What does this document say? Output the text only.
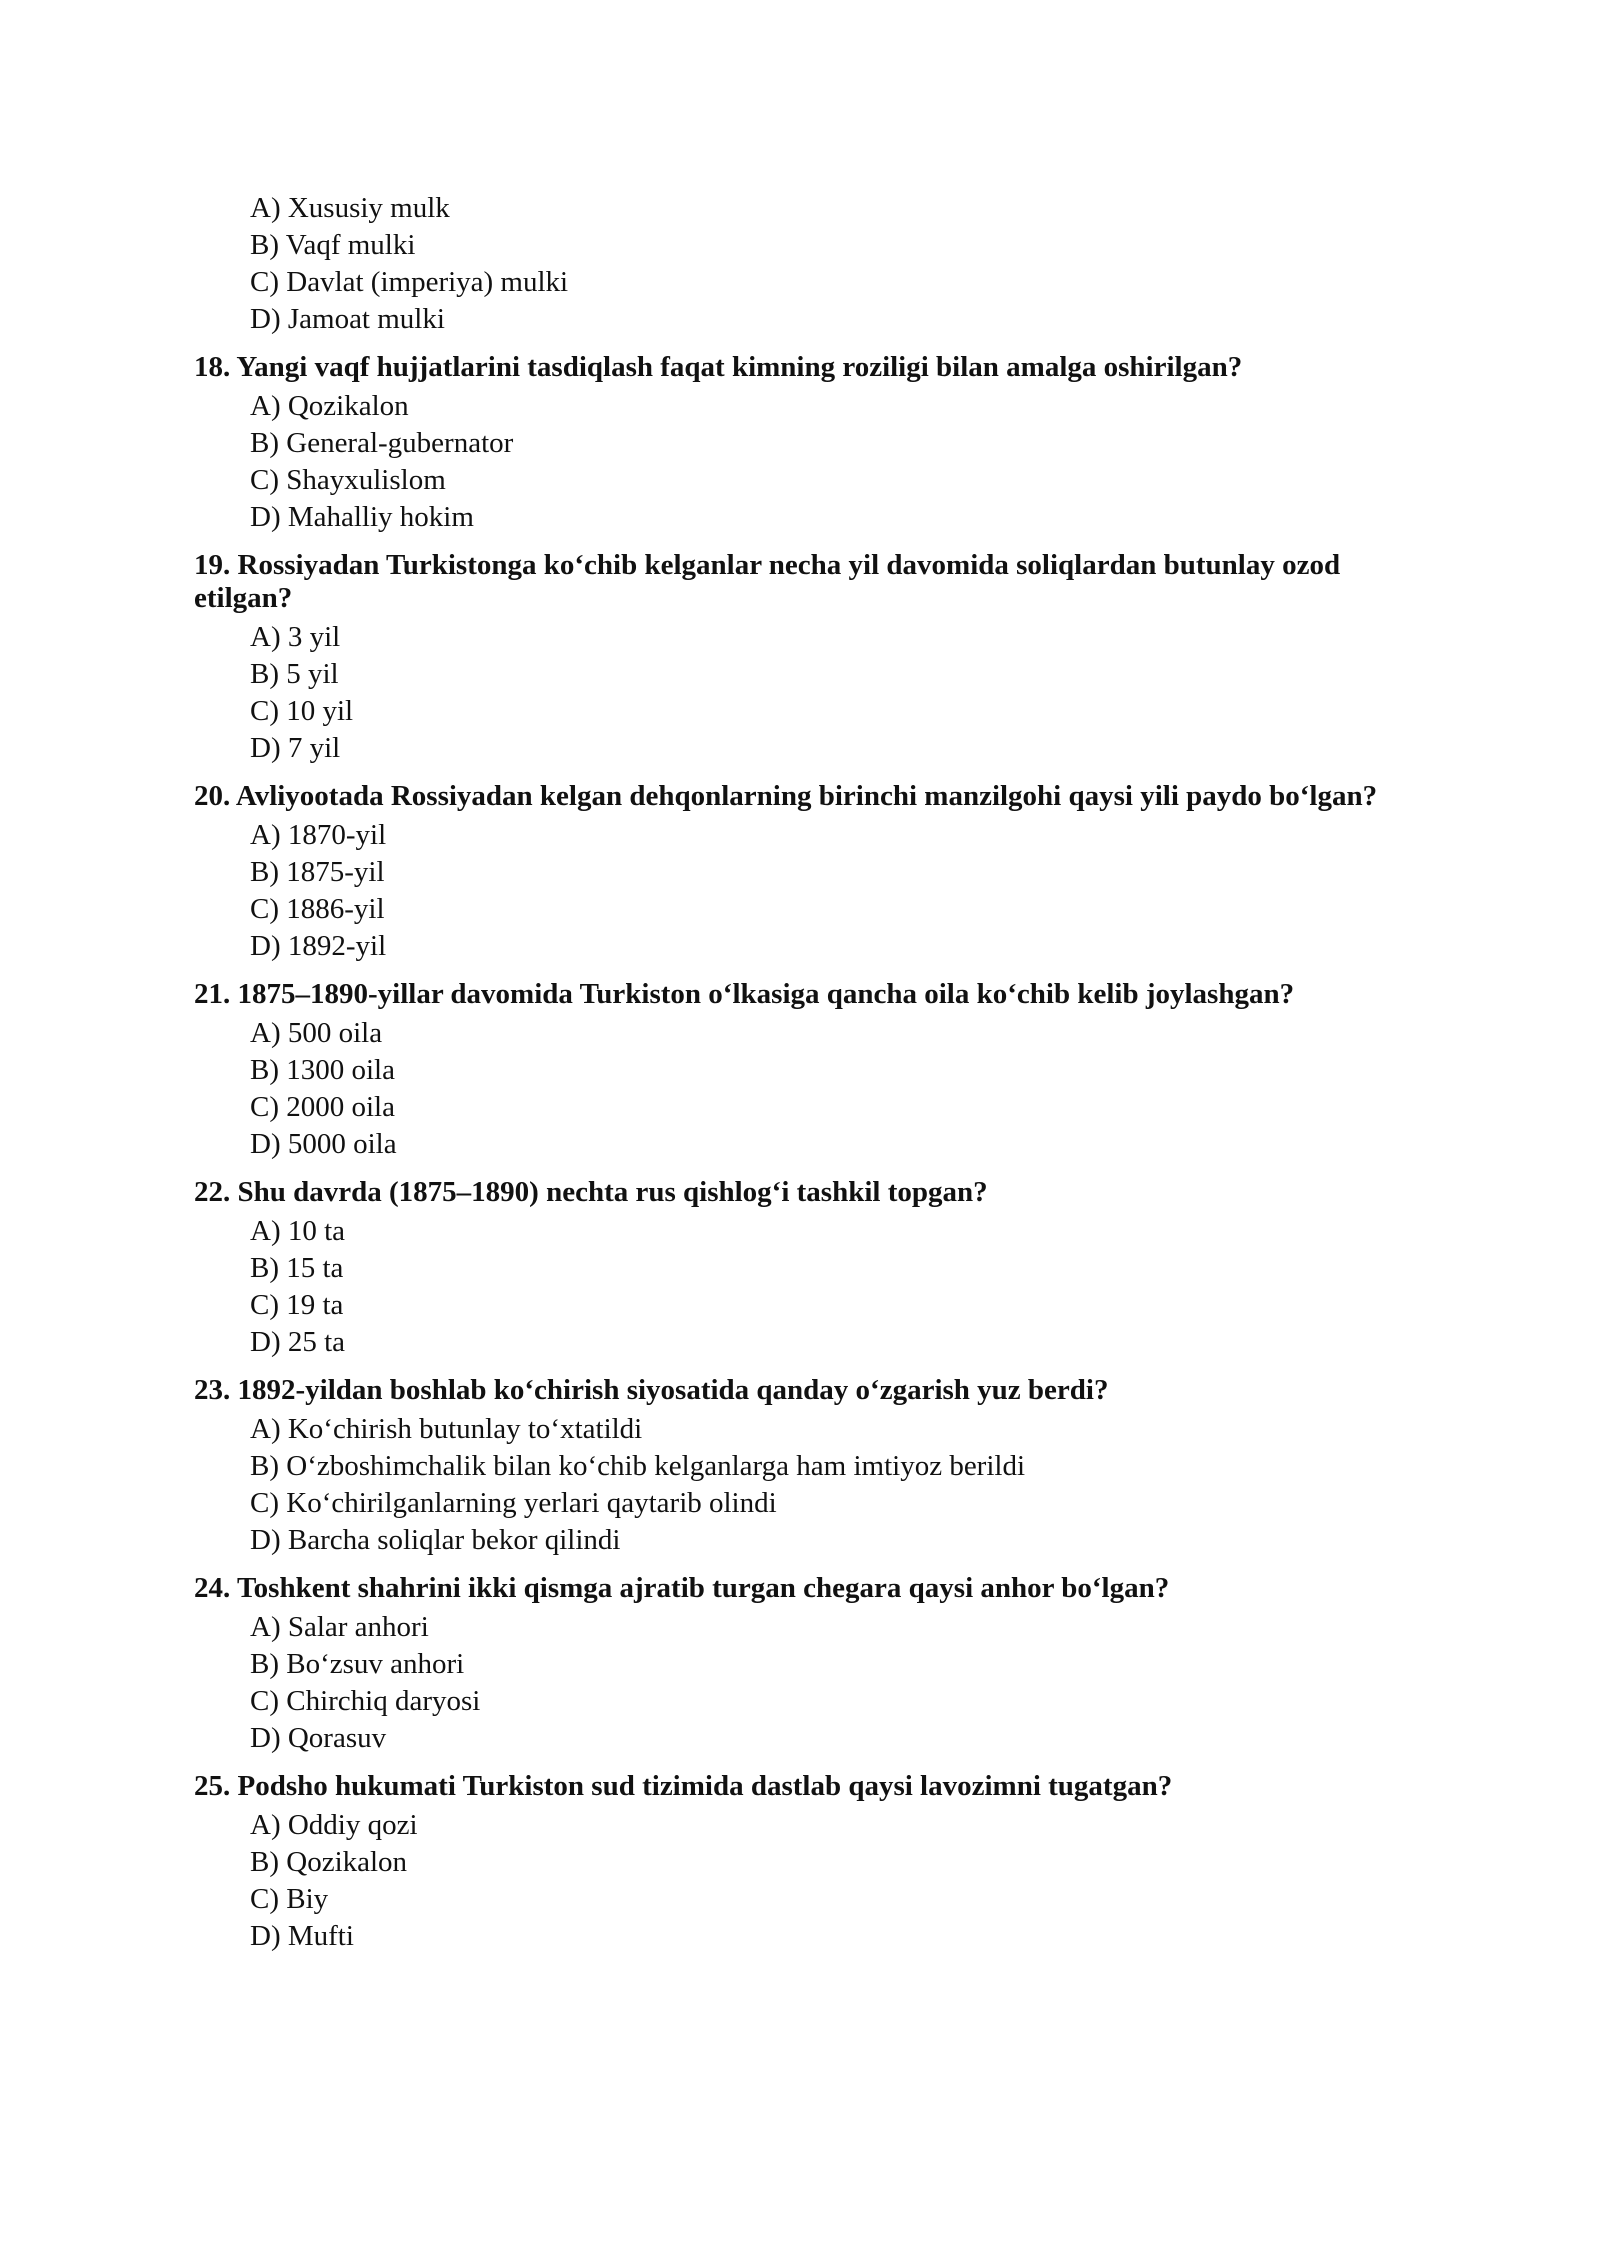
A) Xususiy mulk
B) Vaqf mulki
C) Davlat (imperiya) mulki
D) Jamoat mulki
18. Yangi vaqf hujjatlarini tasdiqlash faqat kimning roziligi bilan amalga oshirilgan?
A) Qozikalon
B) General-gubernator
C) Shayxulislom
D) Mahalliy hokim
19. Rossiyadan Turkistonga ko‘chib kelganlar necha yil davomida soliqlardan butunlay ozod etilgan?
A) 3 yil
B) 5 yil
C) 10 yil
D) 7 yil
20. Avliyootada Rossiyadan kelgan dehqonlarning birinchi manzilgohi qaysi yili paydo bo‘lgan?
A) 1870-yil
B) 1875-yil
C) 1886-yil
D) 1892-yil
21. 1875–1890-yillar davomida Turkiston o‘lkasiga qancha oila ko‘chib kelib joylashgan?
A) 500 oila
B) 1300 oila
C) 2000 oila
D) 5000 oila
22. Shu davrda (1875–1890) nechta rus qishlog‘i tashkil topgan?
A) 10 ta
B) 15 ta
C) 19 ta
D) 25 ta
23. 1892-yildan boshlab ko‘chirish siyosatida qanday o‘zgarish yuz berdi?
A) Ko‘chirish butunlay to‘xtatildi
B) O‘zboshimchalik bilan ko‘chib kelganlarga ham imtiyoz berildi
C) Ko‘chirilganlarning yerlari qaytarib olindi
D) Barcha soliqlar bekor qilindi
24. Toshkent shahrini ikki qismga ajratib turgan chegara qaysi anhor bo‘lgan?
A) Salar anhori
B) Bo‘zsuv anhori
C) Chirchiq daryosi
D) Qorasuv
25. Podsho hukumati Turkiston sud tizimida dastlab qaysi lavozimni tugatgan?
A) Oddiy qozi
B) Qozikalon
C) Biy
D) Mufti
